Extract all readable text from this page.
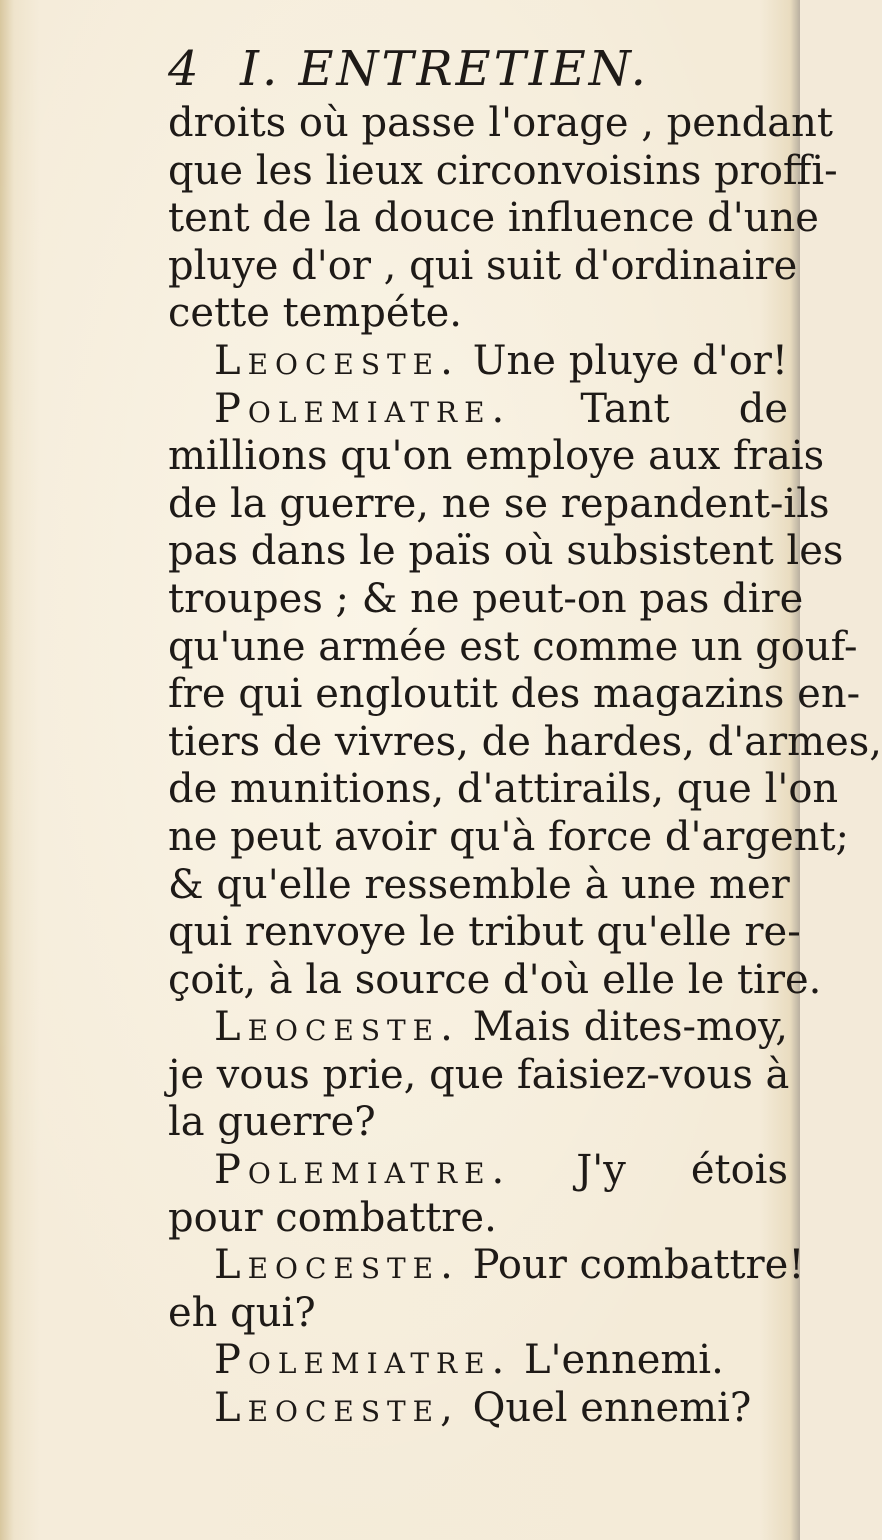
4 I. ENTRETIEN.
droits où passe l'orage , pendant
que les lieux circonvoisins proffi-
tent de la douce influence d'une
pluye d'or , qui suit d'ordinaire
cette tempéte.
Leoceste. Une pluye d'or!
Polemiatre. Tant de
millions qu'on employe aux frais
de la guerre, ne se repandent-ils
pas dans le païs où subsistent les
troupes ; & ne peut-on pas dire
qu'une armée est comme un gouf-
fre qui engloutit des magazins en-
tiers de vivres, de hardes, d'armes,
de munitions, d'attirails, que l'on
ne peut avoir qu'à force d'argent;
& qu'elle ressemble à une mer
qui renvoye le tribut qu'elle re-
çoit, à la source d'où elle le tire.
Leoceste. Mais dites-moy,
je vous prie, que faisiez-vous à
la guerre?
Polemiatre. J'y étois
pour combattre.
Leoceste. Pour combattre!
eh qui?
Polemiatre. L'ennemi.
Leoceste, Quel ennemi?
